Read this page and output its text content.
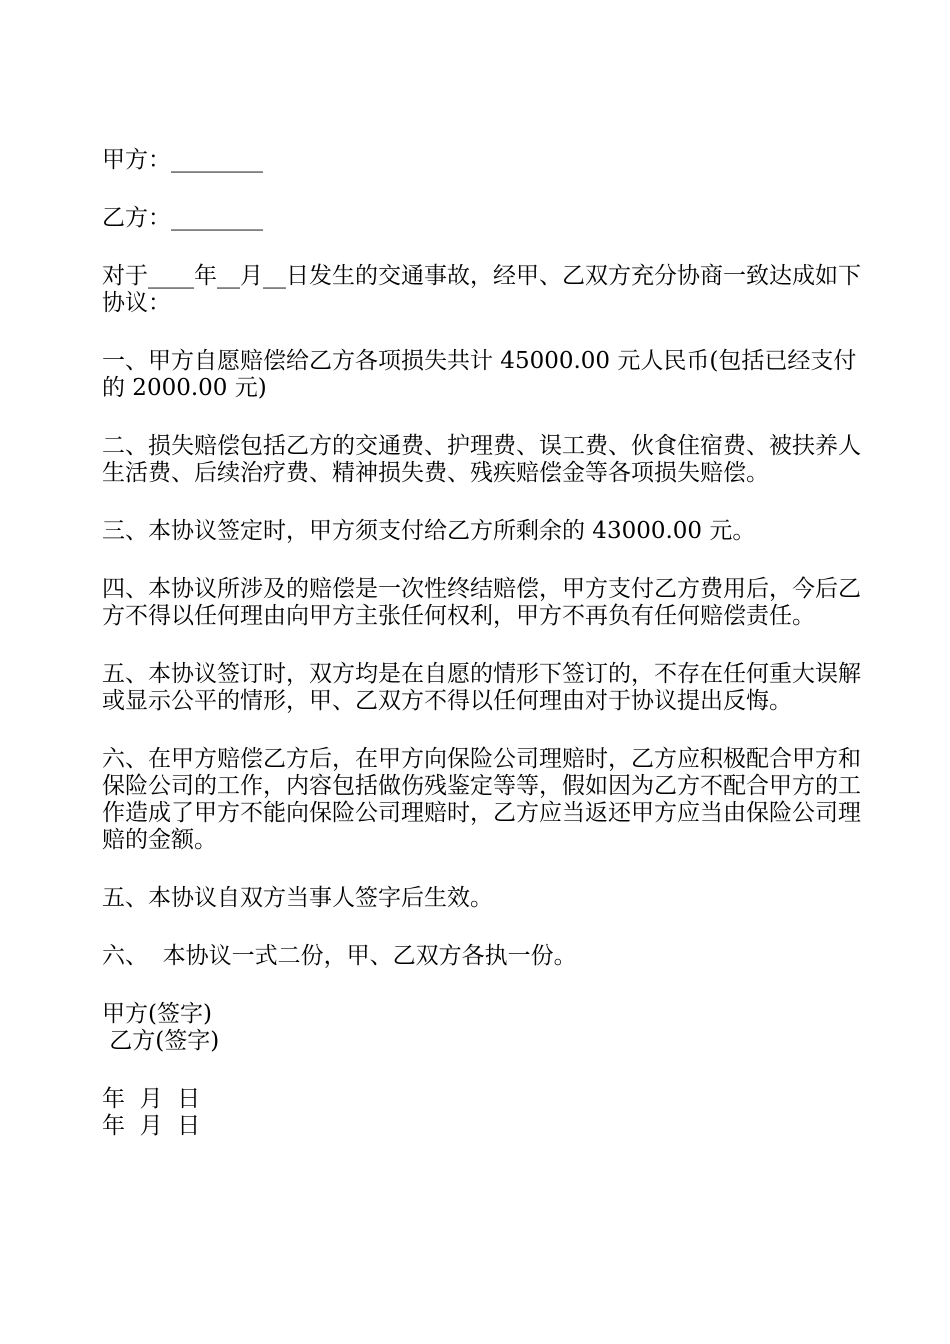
甲方：________

乙方：________

对于____年__月__日发生的交通事故，经甲、乙双方充分协商一致达成如下协议：

一、甲方自愿赔偿给乙方各项损失共计 45000.00 元人民币(包括已经支付的 2000.00 元)

二、损失赔偿包括乙方的交通费、护理费、误工费、伙食住宿费、被扶养人生活费、后续治疗费、精神损失费、残疾赔偿金等各项损失赔偿。

三、本协议签定时，甲方须支付给乙方所剩余的 43000.00 元。

四、本协议所涉及的赔偿是一次性终结赔偿，甲方支付乙方费用后，今后乙方不得以任何理由向甲方主张任何权利，甲方不再负有任何赔偿责任。

五、本协议签订时，双方均是在自愿的情形下签订的，不存在任何重大误解或显示公平的情形，甲、乙双方不得以任何理由对于协议提出反悔。

六、在甲方赔偿乙方后，在甲方向保险公司理赔时，乙方应积极配合甲方和保险公司的工作，内容包括做伤残鉴定等等，假如因为乙方不配合甲方的工作造成了甲方不能向保险公司理赔时，乙方应当返还甲方应当由保险公司理赔的金额。

五、本协议自双方当事人签字后生效。

六、  本协议一式二份，甲、乙双方各执一份。

甲方(签字)
乙方(签字)
年  月  日
年  月  日
